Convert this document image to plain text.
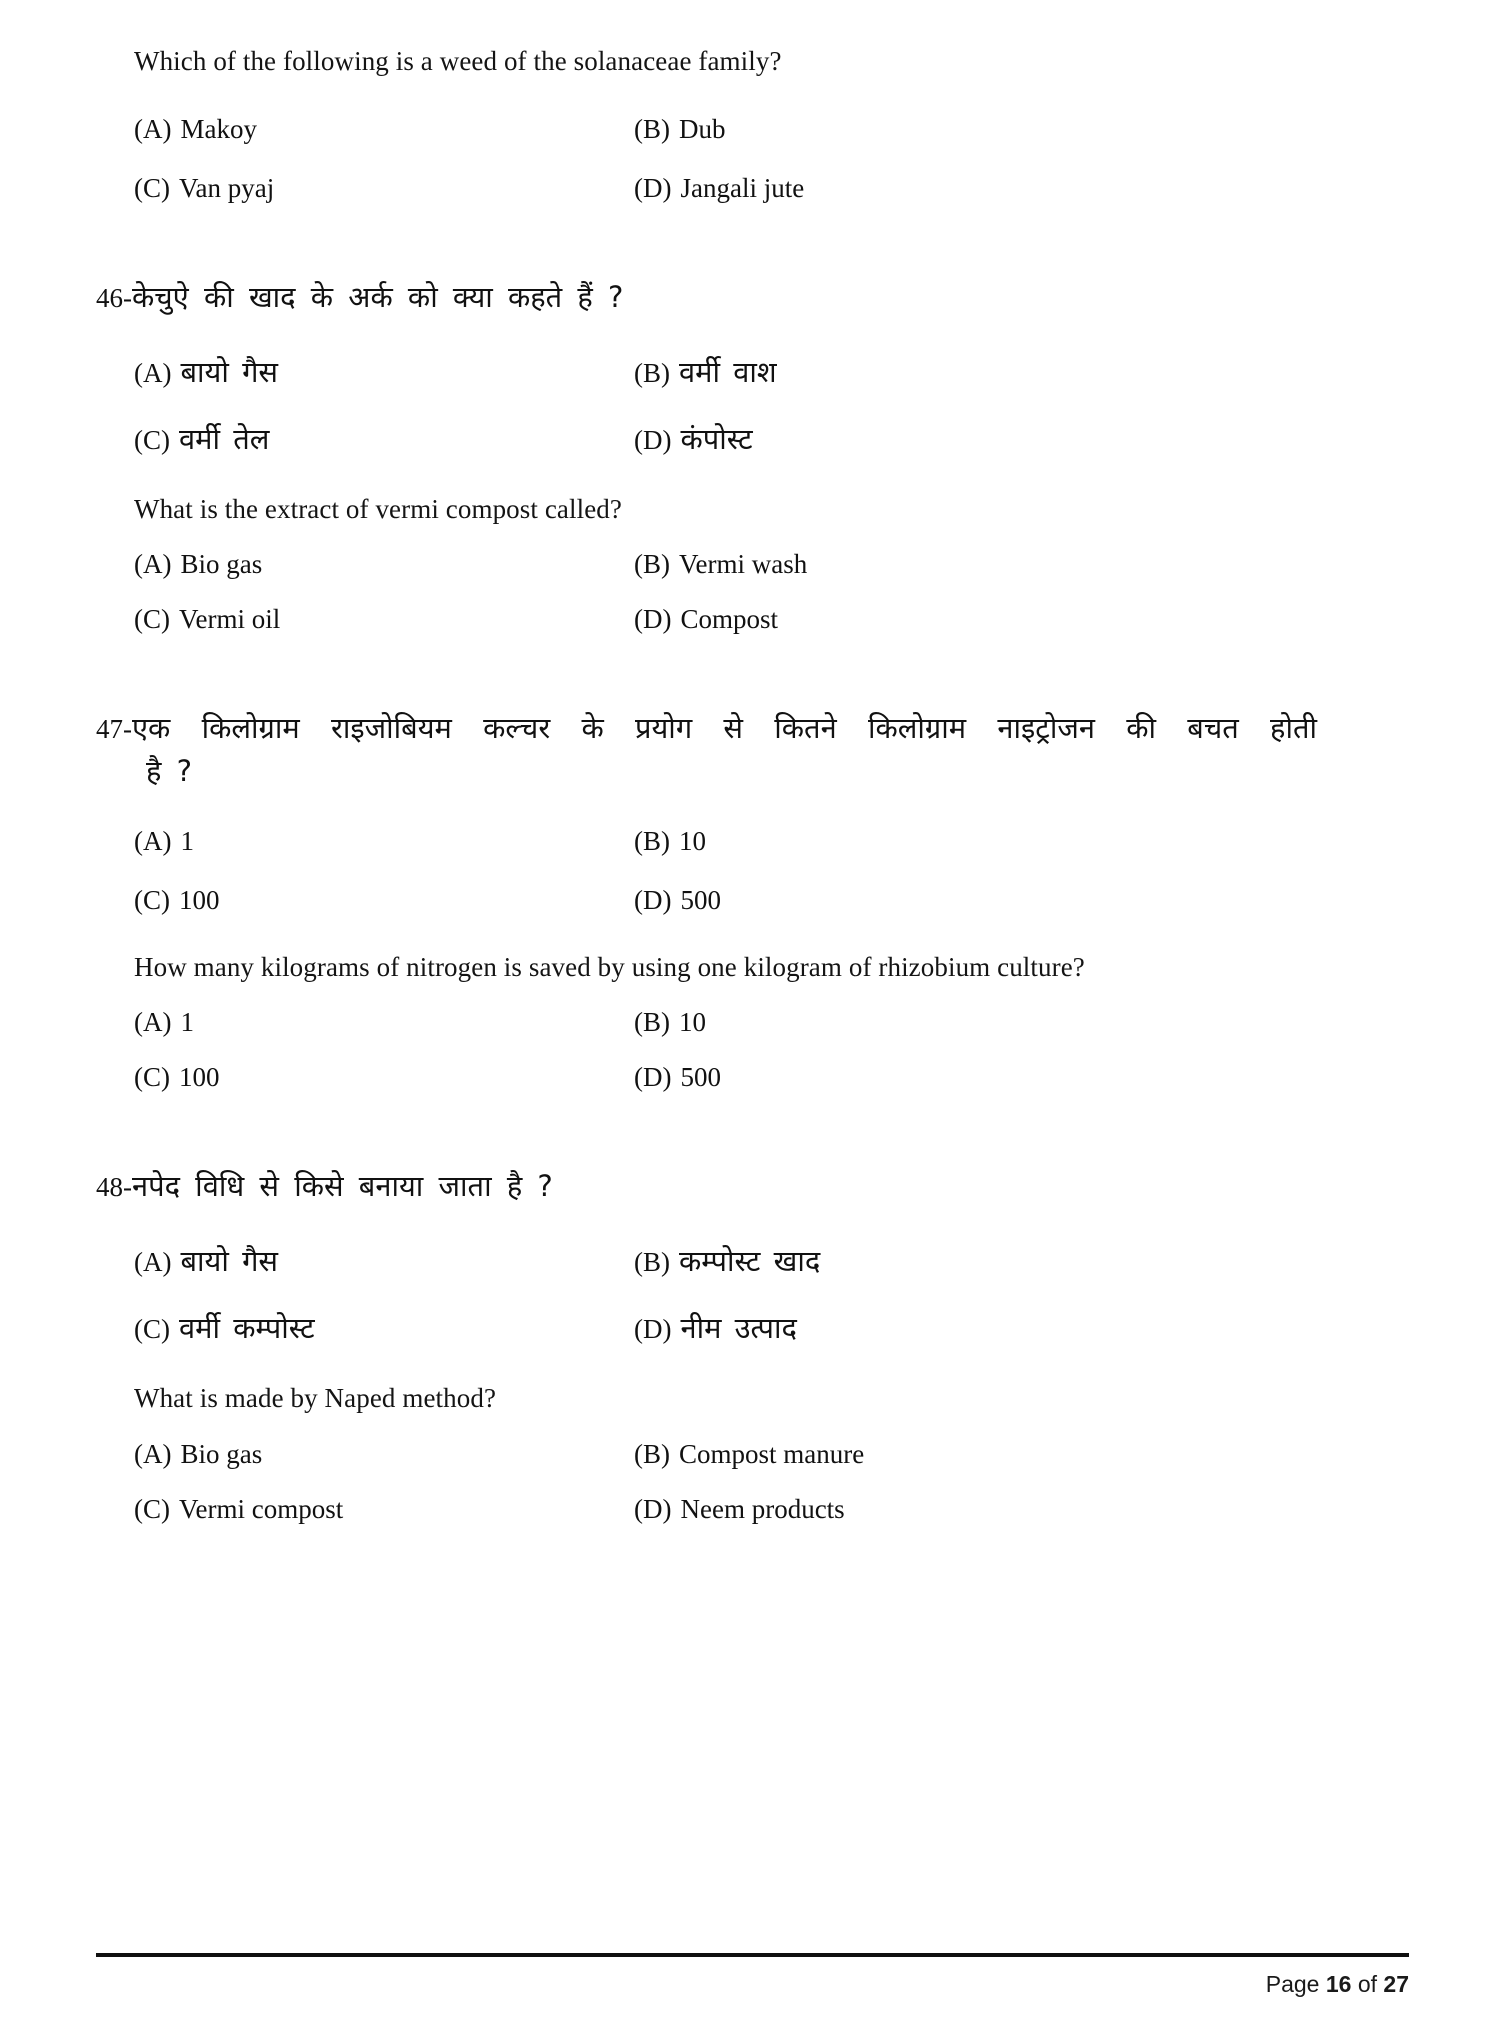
Which of the following is a weed of the solanaceae family?
(A) Makoy	(B) Dub
(C) Van pyaj	(D) Jangali jute
46- केचुऐ की खाद के अर्क को क्या कहते हैं ?
(A) बायो गैस	(B) वर्मी वाश
(C) वर्मी तेल	(D) कंपोस्ट
What is the extract of vermi compost called?
(A) Bio gas	(B) Vermi wash
(C) Vermi oil	(D) Compost
47- एक किलोग्राम राइजोबियम कल्चर के प्रयोग से कितने किलोग्राम नाइट्रोजन की बचत होती
है ?
(A) 1	(B) 10
(C) 100	(D) 500
How many kilograms of nitrogen is saved by using one kilogram of rhizobium culture?
(A) 1	(B) 10
(C) 100	(D) 500
48- नपेद विधि से किसे बनाया जाता है ?
(A) बायो गैस	(B) कम्पोस्ट खाद
(C) वर्मी कम्पोस्ट	(D) नीम उत्पाद
What is made by Naped method?
(A) Bio gas	(B) Compost manure
(C) Vermi compost	(D) Neem products
Page 16 of 27
